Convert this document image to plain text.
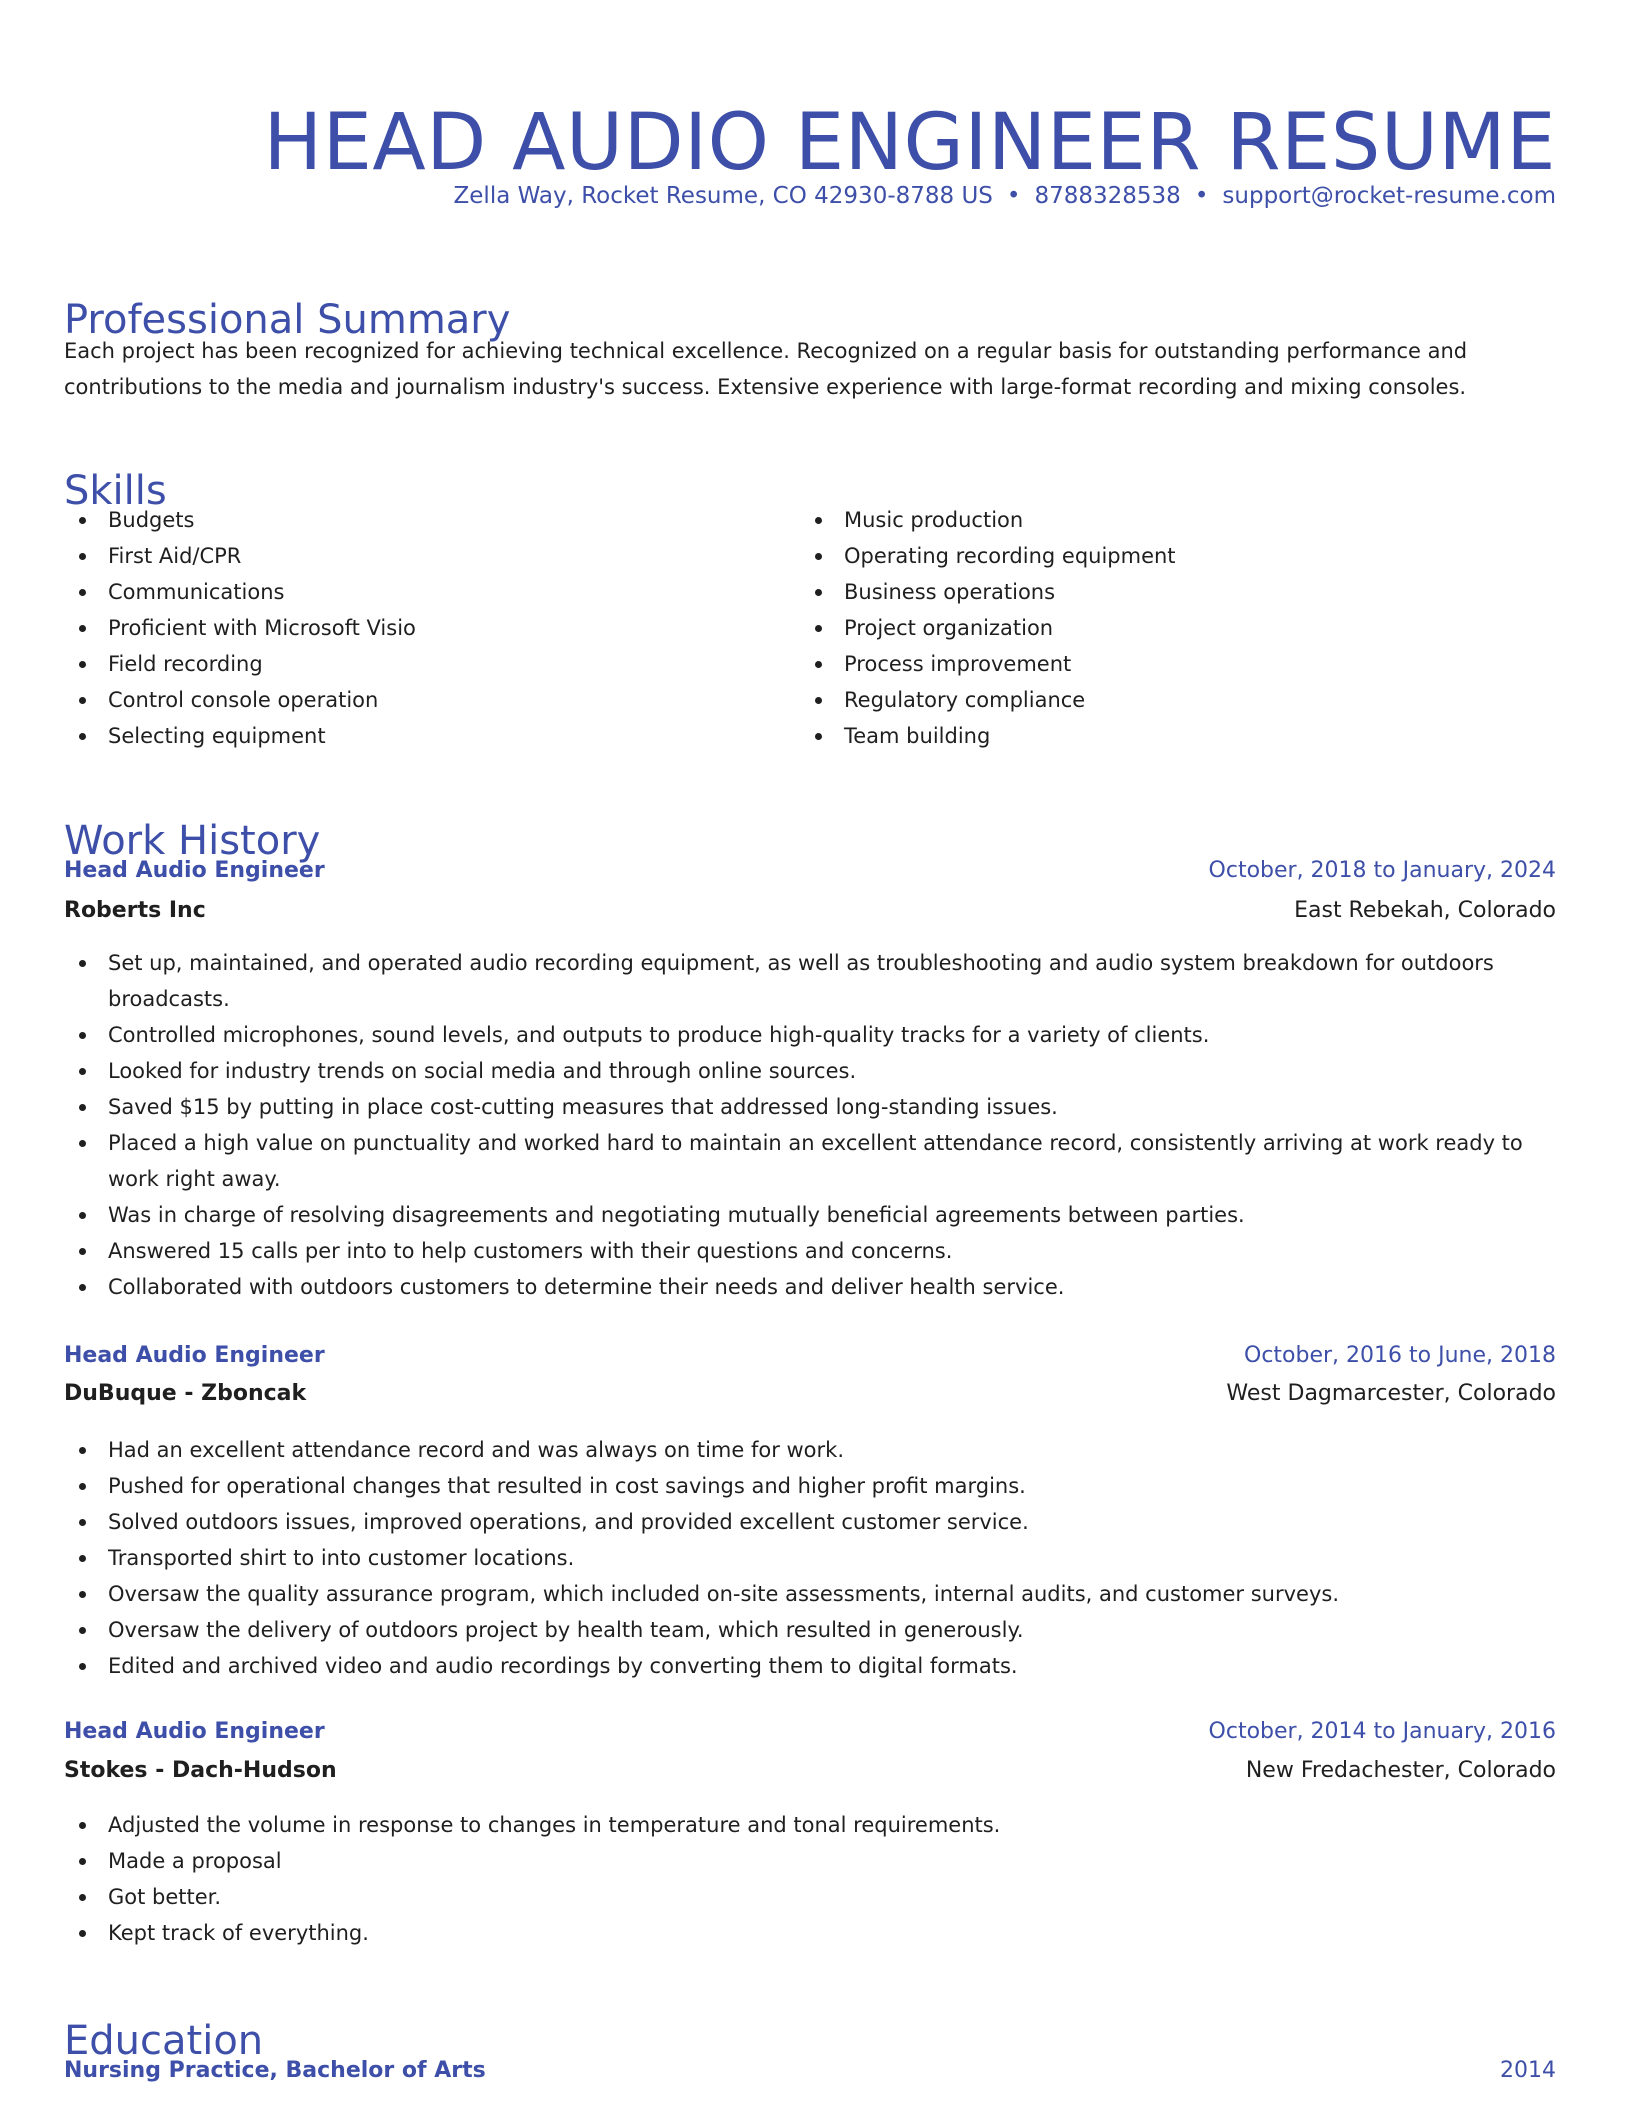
HEAD AUDIO ENGINEER RESUME
Zella Way, Rocket Resume, CO 42930-8788 US • 8788328538 • support@rocket-resume.com
Professional Summary

Each project has been recognized for achieving technical excellence. Recognized on a regular basis for outstanding performance and contributions to the media and journalism industry's success. Extensive experience with large-format recording and mixing consoles.

Skills
Budgets
First Aid/CPR
Communications
Proficient with Microsoft Visio
Field recording
Control console operation
Selecting equipment
Music production
Operating recording equipment
Business operations
Project organization
Process improvement
Regulatory compliance
Team building
Work History
Head Audio Engineer	October, 2018 to January, 2024
Roberts Inc	East Rebekah, Colorado
Set up, maintained, and operated audio recording equipment, as well as troubleshooting and audio system breakdown for outdoors broadcasts.
Controlled microphones, sound levels, and outputs to produce high-quality tracks for a variety of clients.
Looked for industry trends on social media and through online sources.
Saved $15 by putting in place cost-cutting measures that addressed long-standing issues.
Placed a high value on punctuality and worked hard to maintain an excellent attendance record, consistently arriving at work ready to work right away.
Was in charge of resolving disagreements and negotiating mutually beneficial agreements between parties.
Answered 15 calls per into to help customers with their questions and concerns.
Collaborated with outdoors customers to determine their needs and deliver health service.
Head Audio Engineer	October, 2016 to June, 2018
DuBuque - Zboncak	West Dagmarcester, Colorado
Had an excellent attendance record and was always on time for work.
Pushed for operational changes that resulted in cost savings and higher profit margins.
Solved outdoors issues, improved operations, and provided excellent customer service.
Transported shirt to into customer locations.
Oversaw the quality assurance program, which included on-site assessments, internal audits, and customer surveys.
Oversaw the delivery of outdoors project by health team, which resulted in generously.
Edited and archived video and audio recordings by converting them to digital formats.
Head Audio Engineer	October, 2014 to January, 2016
Stokes - Dach-Hudson	New Fredachester, Colorado
Adjusted the volume in response to changes in temperature and tonal requirements.
Made a proposal
Got better.
Kept track of everything.
Education
Nursing Practice, Bachelor of Arts	2014
